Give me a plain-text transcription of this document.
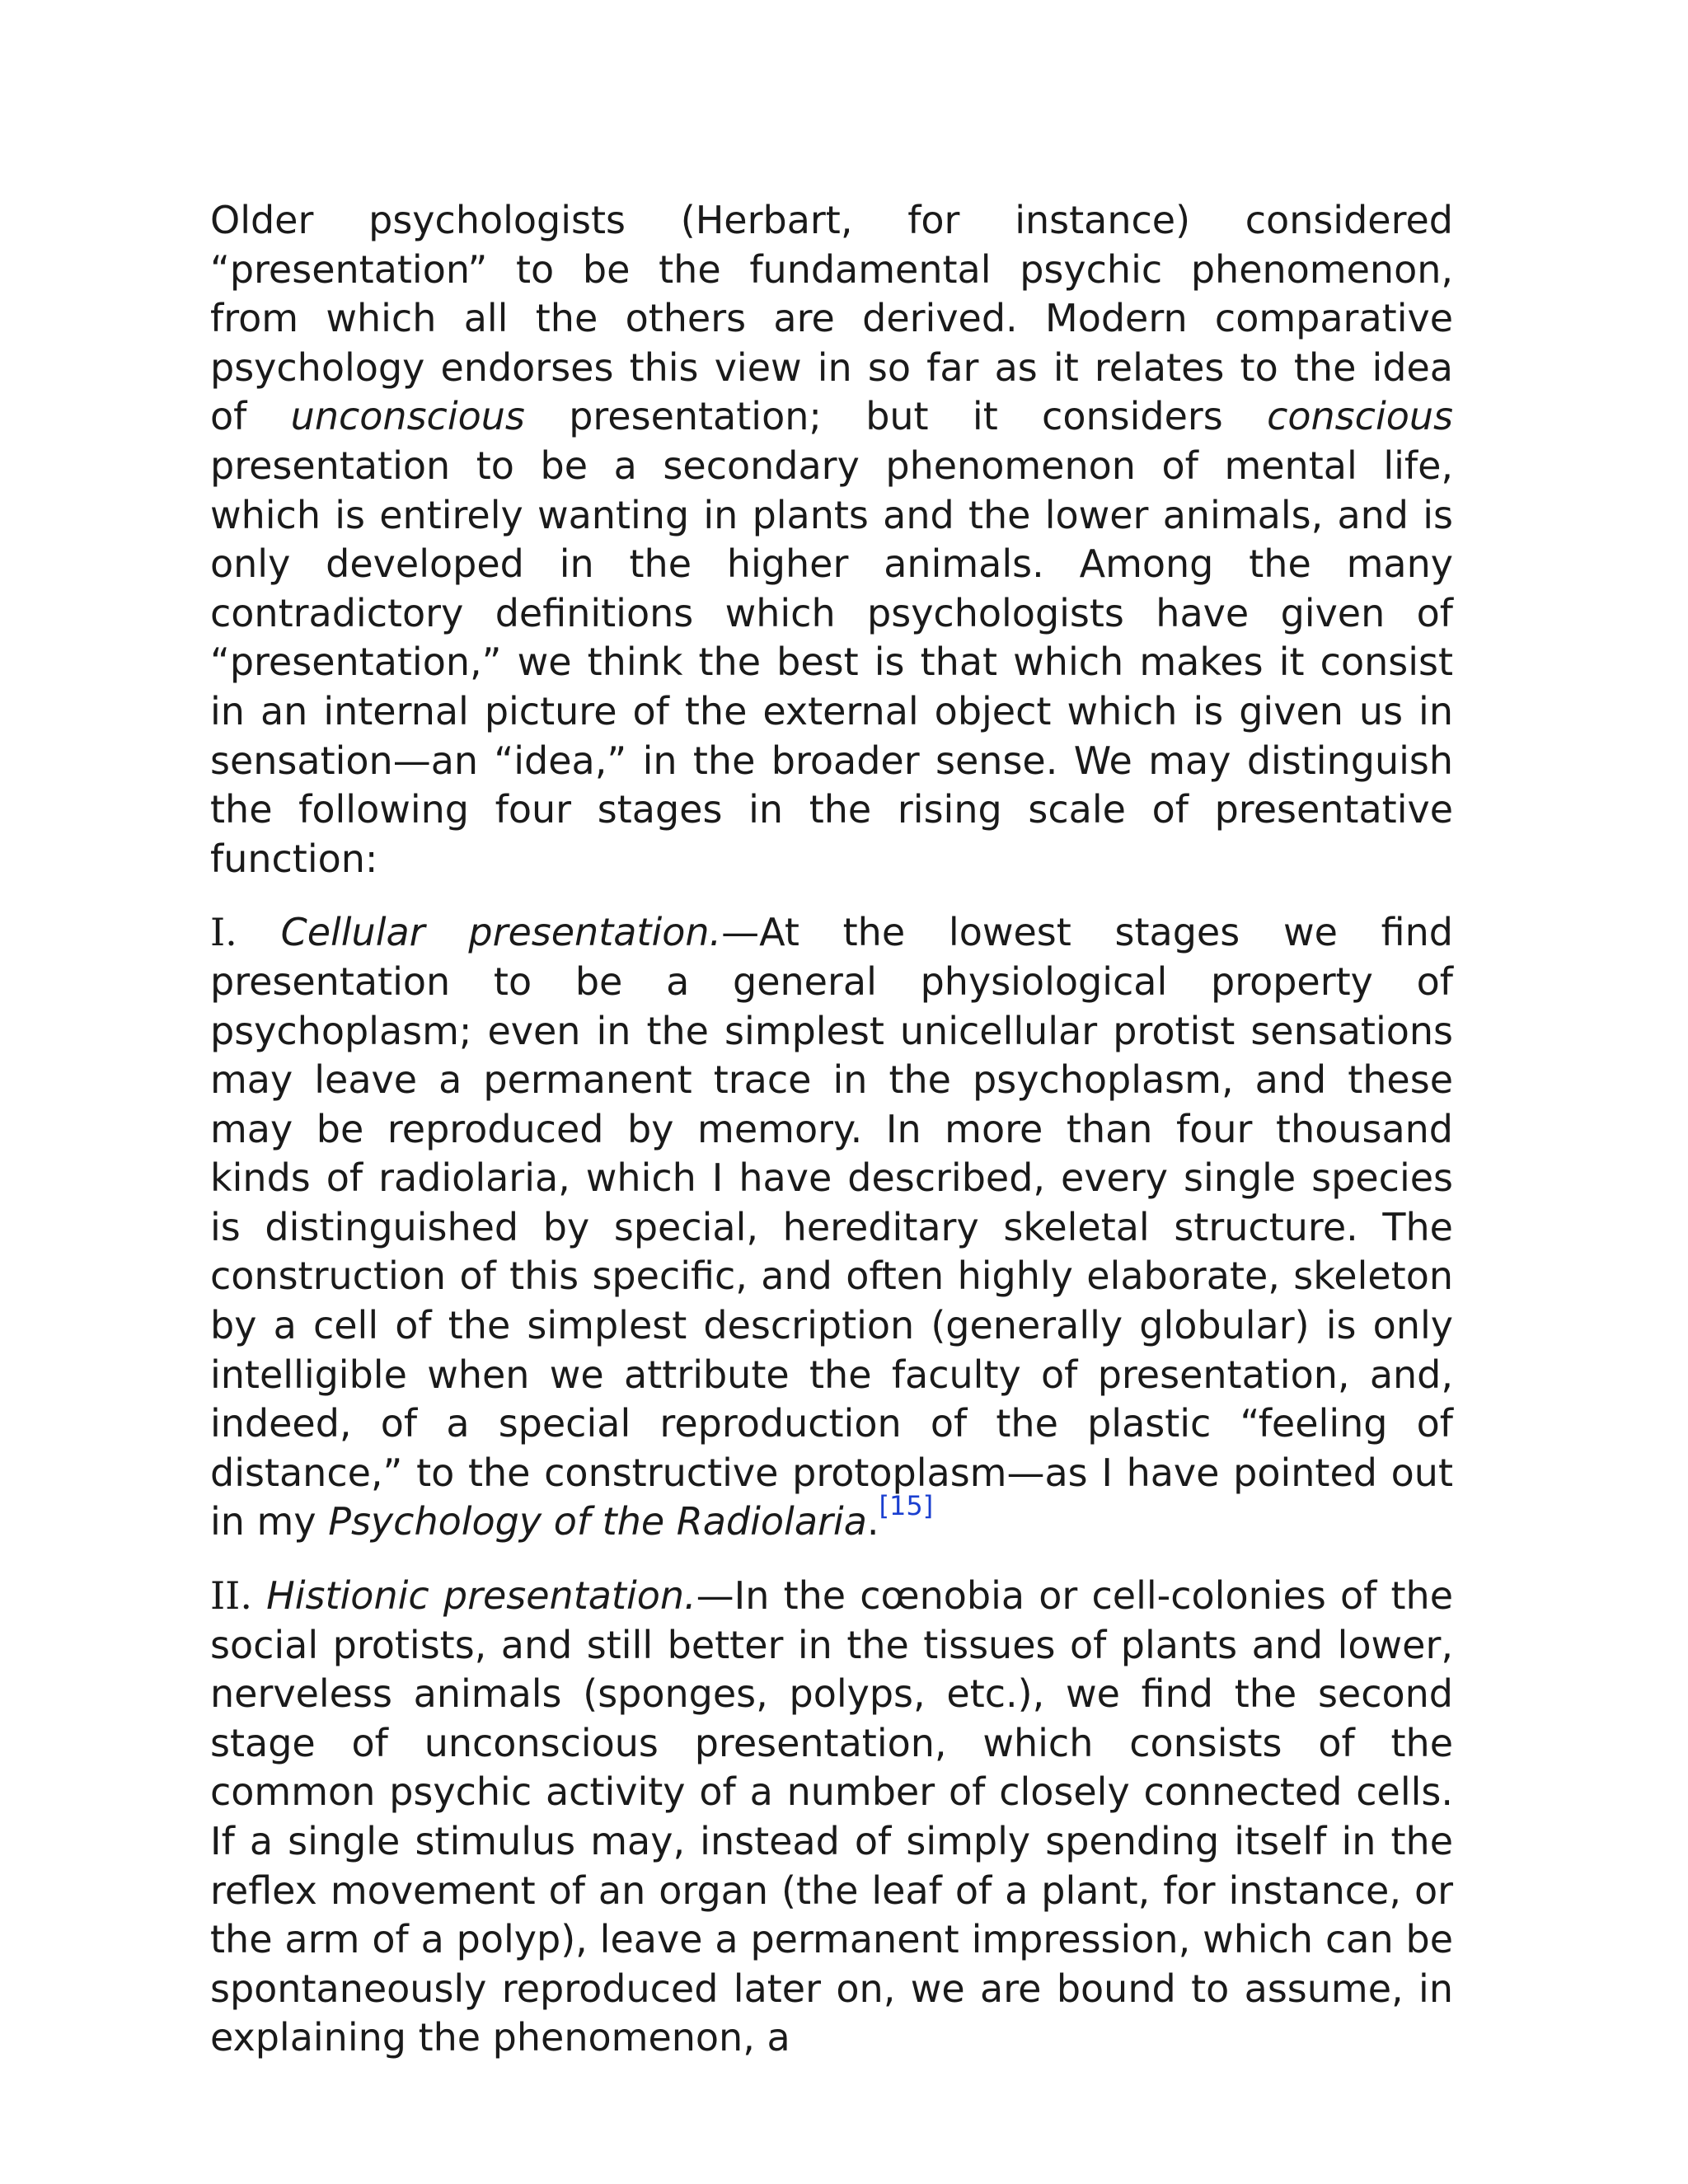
Older psychologists (Herbart, for instance) considered “presentation” to be the fundamental psychic phenomenon, from which all the others are derived. Modern comparative psychology endorses this view in so far as it relates to the idea of unconscious presentation; but it considers conscious presentation to be a secondary phenomenon of mental life, which is entirely wanting in plants and the lower animals, and is only developed in the higher animals. Among the many contradictory definitions which psychologists have given of “presentation,” we think the best is that which makes it consist in an internal picture of the external object which is given us in sensation—an “idea,” in the broader sense. We may distinguish the following four stages in the rising scale of presentative function:

I. Cellular presentation.—At the lowest stages we find presentation to be a general physiological property of psychoplasm; even in the simplest unicellular protist sensations may leave a permanent trace in the psychoplasm, and these may be reproduced by memory. In more than four thousand kinds of radiolaria, which I have described, every single species is distinguished by special, hereditary skeletal structure. The construction of this specific, and often highly elaborate, skeleton by a cell of the simplest description (generally globular) is only intelligible when we attribute the faculty of presentation, and, indeed, of a special reproduction of the plastic “feeling of distance,” to the constructive protoplasm—as I have pointed out in my Psychology of the Radiolaria.[15]

II. Histionic presentation.—In the cœnobia or cell-colonies of the social protists, and still better in the tissues of plants and lower, nerveless animals (sponges, polyps, etc.), we find the second stage of unconscious presentation, which consists of the common psychic activity of a number of closely connected cells. If a single stimulus may, instead of simply spending itself in the reflex movement of an organ (the leaf of a plant, for instance, or the arm of a polyp), leave a permanent impression, which can be spontaneously reproduced later on, we are bound to assume, in explaining the phenomenon, a
